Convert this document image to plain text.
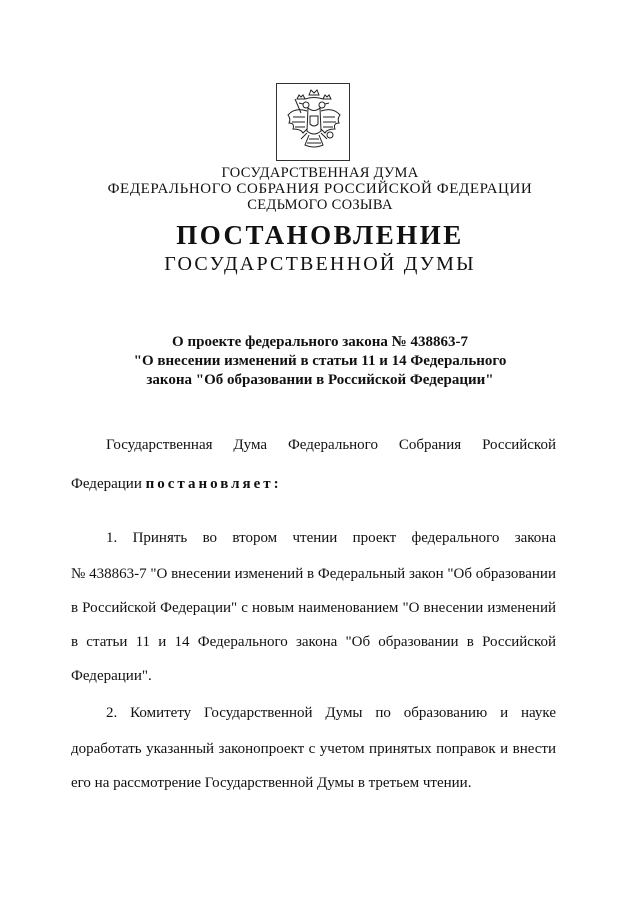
ГОСУДАРСТВЕННАЯ ДУМА
ФЕДЕРАЛЬНОГО СОБРАНИЯ РОССИЙСКОЙ ФЕДЕРАЦИИ
СЕДЬМОГО СОЗЫВА
ПОСТАНОВЛЕНИЕ
ГОСУДАРСТВЕННОЙ ДУМЫ
О проекте федерального закона № 438863-7
"О внесении изменений в статьи 11 и 14 Федерального
закона "Об образовании в Российской Федерации"
Государственная Дума Федерального Собрания Российской
Федерации постановляет:
1. Принять во втором чтении проект федерального закона
№ 438863-7 "О внесении изменений в Федеральный закон "Об образовании
в Российской Федерации" с новым наименованием "О внесении изменений
в статьи 11 и 14 Федерального закона "Об образовании в Российской
Федерации".
2. Комитету Государственной Думы по образованию и науке
доработать указанный законопроект с учетом принятых поправок и внести
его на рассмотрение Государственной Думы в третьем чтении.
